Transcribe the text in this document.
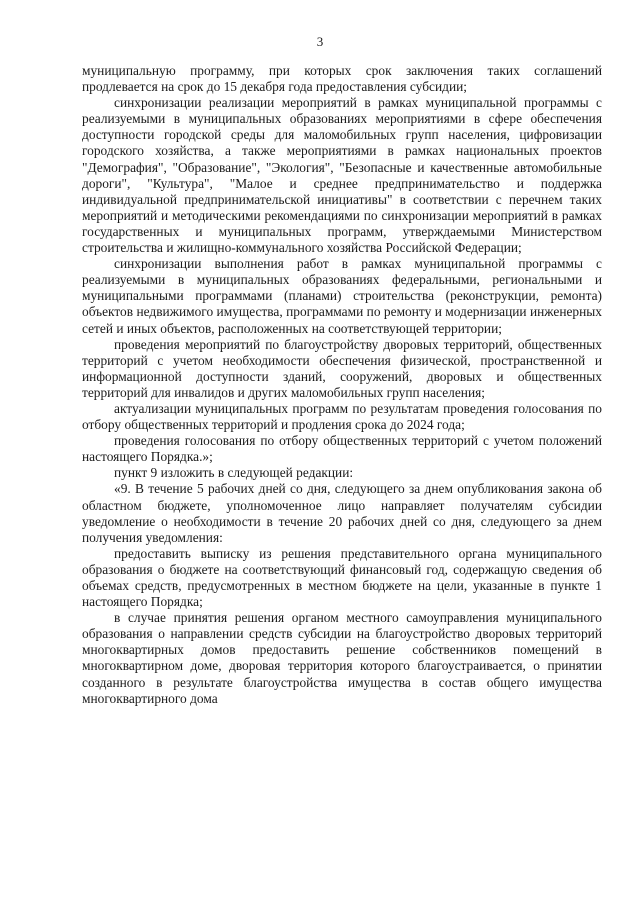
3

муниципальную программу, при которых срок заключения таких соглашений продлевается на срок до 15 декабря года предоставления субсидии;

синхронизации реализации мероприятий в рамках муниципальной программы с реализуемыми в муниципальных образованиях мероприятиями в сфере обеспечения доступности городской среды для маломобильных групп населения, цифровизации городского хозяйства, а также мероприятиями в рамках национальных проектов "Демография", "Образование", "Экология", "Безопасные и качественные автомобильные дороги", "Культура", "Малое и среднее предпринимательство и поддержка индивидуальной предпринимательской инициативы" в соответствии с перечнем таких мероприятий и методическими рекомендациями по синхронизации мероприятий в рамках государственных и муниципальных программ, утверждаемыми Министерством строительства и жилищно-коммунального хозяйства Российской Федерации;

синхронизации выполнения работ в рамках муниципальной программы с реализуемыми в муниципальных образованиях федеральными, региональными и муниципальными программами (планами) строительства (реконструкции, ремонта) объектов недвижимого имущества, программами по ремонту и модернизации инженерных сетей и иных объектов, расположенных на соответствующей территории;

проведения мероприятий по благоустройству дворовых территорий, общественных территорий с учетом необходимости обеспечения физической, пространственной и информационной доступности зданий, сооружений, дворовых и общественных территорий для инвалидов и других маломобильных групп населения;

актуализации муниципальных программ по результатам проведения голосования по отбору общественных территорий и продления срока до 2024 года;

проведения голосования по отбору общественных территорий с учетом положений настоящего Порядка.»;

пункт 9 изложить в следующей редакции:

«9. В течение 5 рабочих дней со дня, следующего за днем опубликования закона об областном бюджете, уполномоченное лицо направляет получателям субсидии уведомление о необходимости в течение 20 рабочих дней со дня, следующего за днем получения уведомления:

предоставить выписку из решения представительного органа муниципального образования о бюджете на соответствующий финансовый год, содержащую сведения об объемах средств, предусмотренных в местном бюджете на цели, указанные в пункте 1 настоящего Порядка;

в случае принятия решения органом местного самоуправления муниципального образования о направлении средств субсидии на благоустройство дворовых территорий многоквартирных домов предоставить решение собственников помещений в многоквартирном доме, дворовая территория которого благоустраивается, о принятии созданного в результате благоустройства имущества в состав общего имущества многоквартирного дома
